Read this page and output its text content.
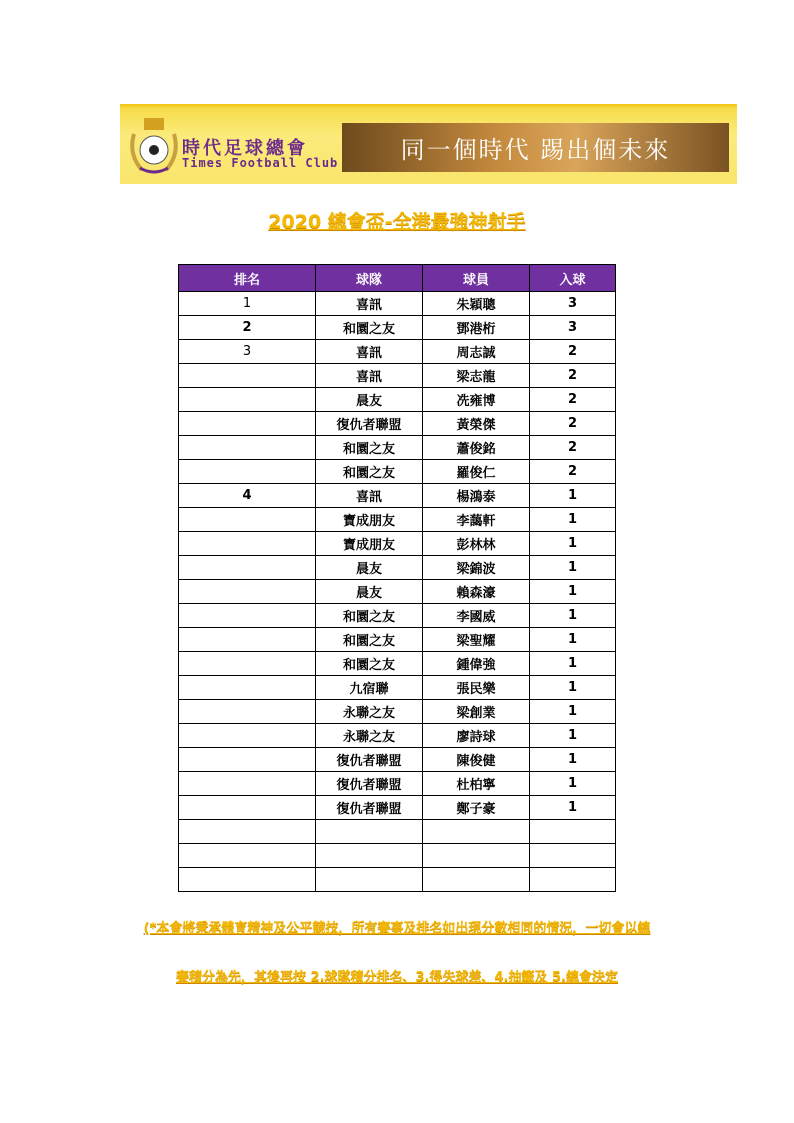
時代足球總會
Times Football Club	同一個時代 踢出個未來
2020 總會盃-全港最強神射手
排名	球隊	球員	入球
1	喜訊	朱穎聰	3
2	和圜之友	鄧港桁	3
3	喜訊	周志誠	2
	喜訊	梁志龍	2
	晨友	冼雍博	2
	復仇者聯盟	黃榮傑	2
	和圜之友	蕭俊銘	2
	和圜之友	羅俊仁	2
4	喜訊	楊鴻泰	1
	寶成朋友	李藹軒	1
	寶成朋友	彭林林	1
	晨友	梁錦波	1
	晨友	賴森濠	1
	和圜之友	李國威	1
	和圜之友	梁聖耀	1
	和圜之友	鍾偉強	1
	九宿聯	張民樂	1
	永聯之友	梁創業	1
	永聯之友	廖詩球	1
	復仇者聯盟	陳俊健	1
	復仇者聯盟	杜柏寧	1
	復仇者聯盟	鄭子豪	1

(*本會將秉承體育精神及公平競技，所有賽事及排名如出現分數相同的情況，一切會以總
賽積分為先，其後再按 2.球隊積分排名、3.得失球差、4.抽籤及 5.總會決定
